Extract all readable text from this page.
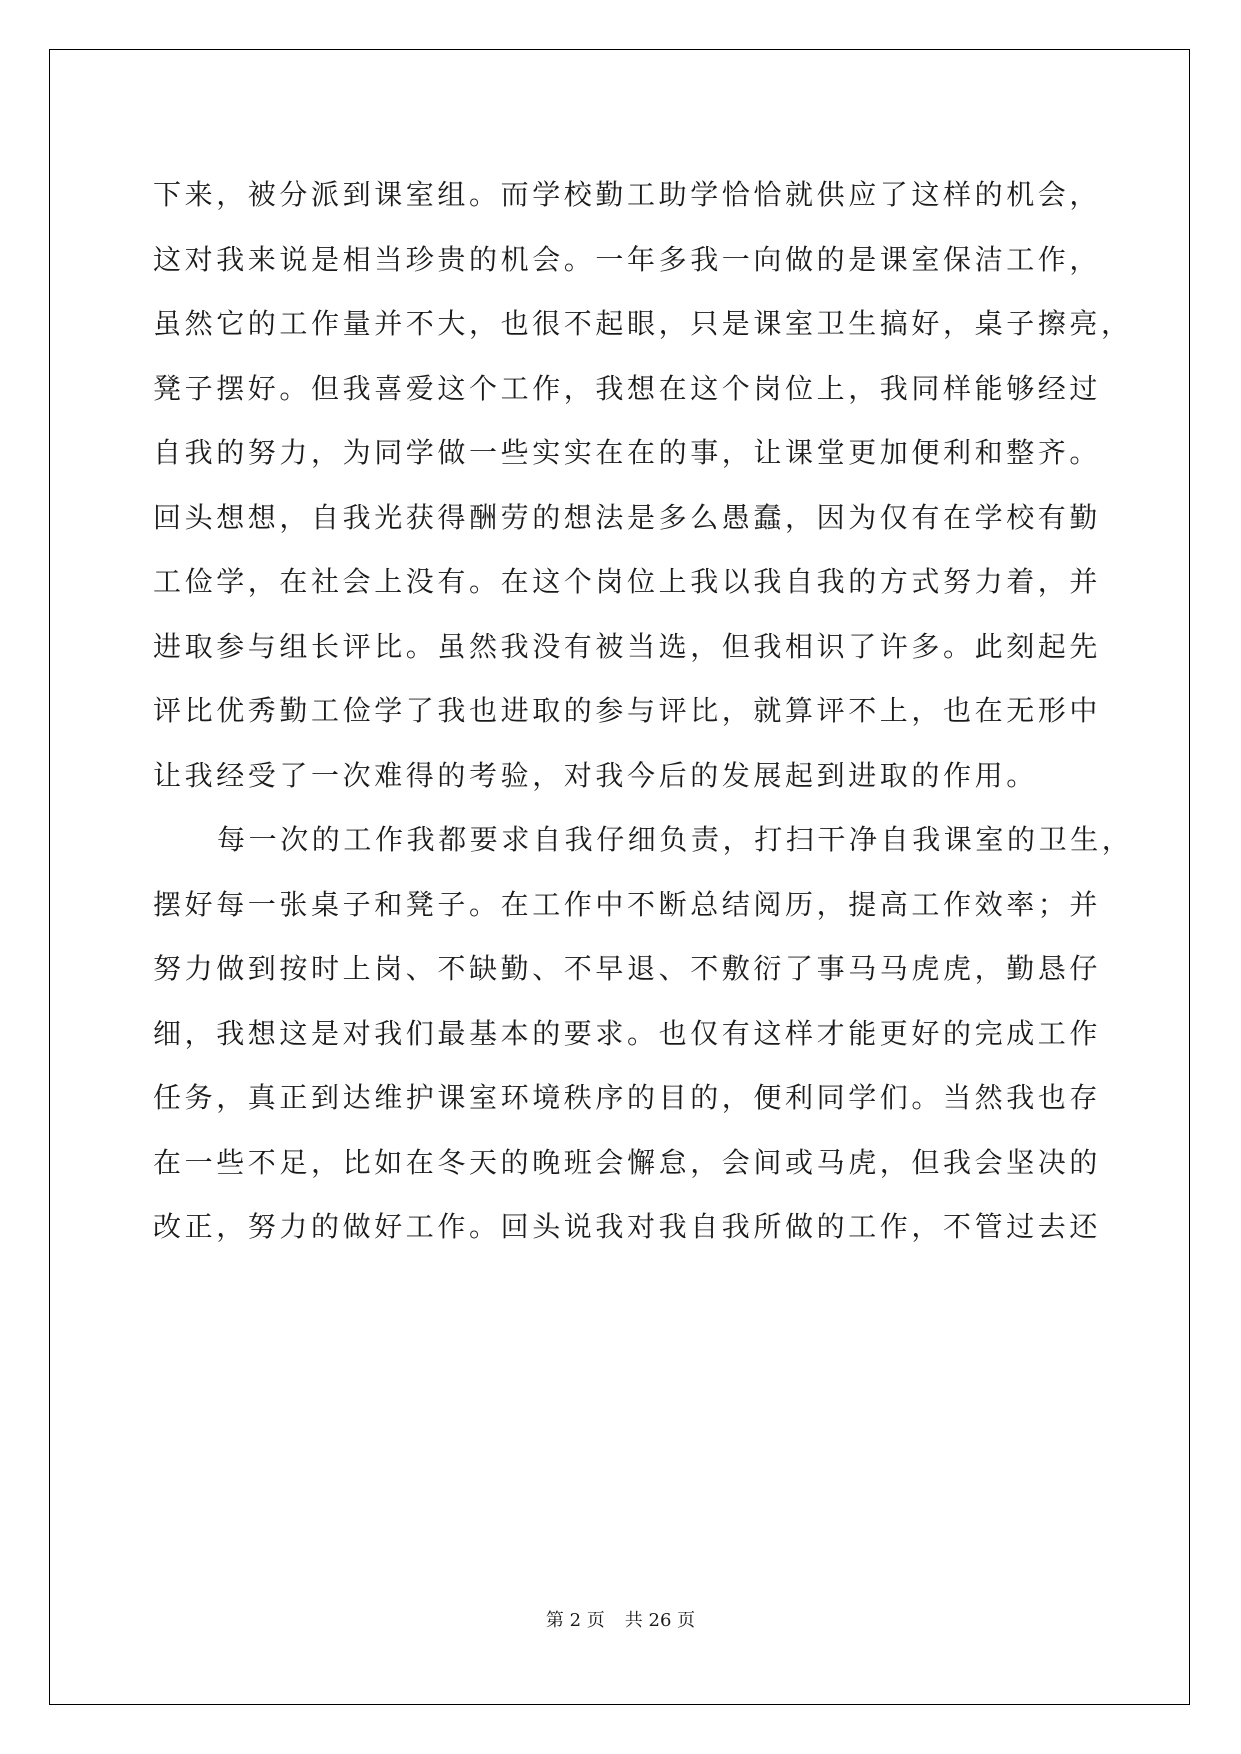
下来，被分派到课室组。而学校勤工助学恰恰就供应了这样的机会，
这对我来说是相当珍贵的机会。一年多我一向做的是课室保洁工作，
虽然它的工作量并不大，也很不起眼，只是课室卫生搞好，桌子擦亮，
凳子摆好。但我喜爱这个工作，我想在这个岗位上，我同样能够经过
自我的努力，为同学做一些实实在在的事，让课堂更加便利和整齐。
回头想想，自我光获得酬劳的想法是多么愚蠢，因为仅有在学校有勤
工俭学，在社会上没有。在这个岗位上我以我自我的方式努力着，并
进取参与组长评比。虽然我没有被当选，但我相识了许多。此刻起先
评比优秀勤工俭学了我也进取的参与评比，就算评不上，也在无形中
让我经受了一次难得的考验，对我今后的发展起到进取的作用。
每一次的工作我都要求自我仔细负责，打扫干净自我课室的卫生，
摆好每一张桌子和凳子。在工作中不断总结阅历，提高工作效率；并
努力做到按时上岗、不缺勤、不早退、不敷衍了事马马虎虎，勤恳仔
细，我想这是对我们最基本的要求。也仅有这样才能更好的完成工作
任务，真正到达维护课室环境秩序的目的，便利同学们。当然我也存
在一些不足，比如在冬天的晚班会懈怠，会间或马虎，但我会坚决的
改正，努力的做好工作。回头说我对我自我所做的工作，不管过去还
第 2 页 共 26 页
